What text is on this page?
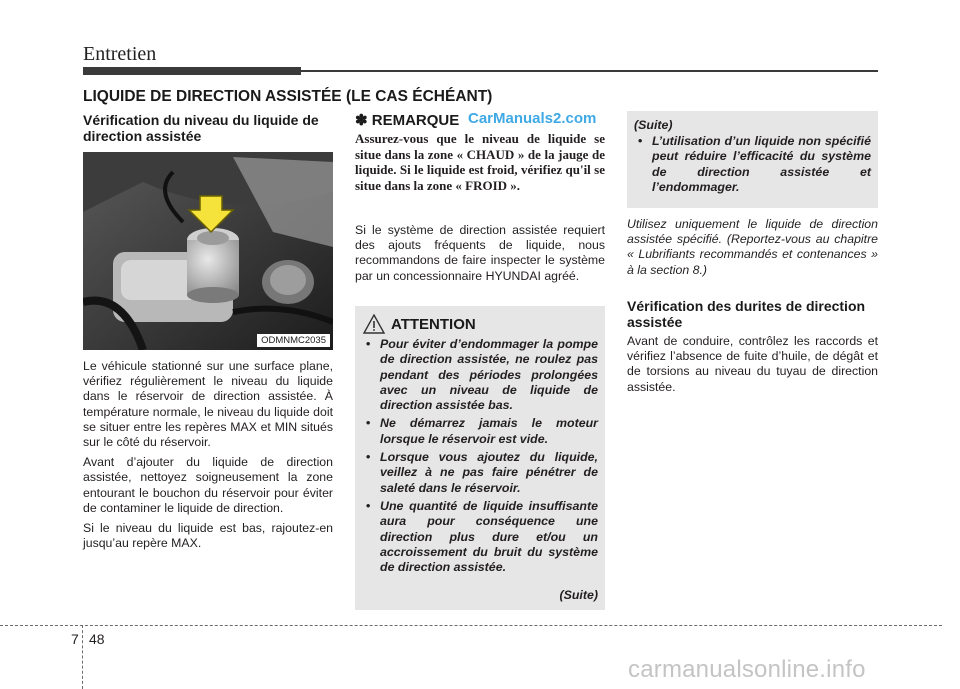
Entretien
LIQUIDE DE DIRECTION ASSISTÉE (LE CAS ÉCHÉANT)
Vérification du niveau du liquide de direction assistée
ODMNMC2035

Le véhicule stationné sur une surface plane, vérifiez régulièrement le niveau du liquide dans le réservoir de direction assistée. À température normale, le niveau du liquide doit se situer entre les repères MAX et MIN situés sur le côté du réservoir.

Avant d’ajouter du liquide de direction assistée, nettoyez soigneusement la zone entourant le bouchon du réservoir pour éviter de contaminer le liquide de direction.

Si le niveau du liquide est bas, rajoutez-en jusqu’au repère MAX.

✽ REMARQUE CarManuals2.com
Assurez-vous que le niveau de liquide se situe dans la zone « CHAUD » de la jauge de liquide. Si le liquide est froid, vérifiez qu'il se situe dans la zone « FROID ».
Si le système de direction assistée requiert des ajouts fréquents de liquide, nous recommandons de faire inspecter le système par un concessionnaire HYUNDAI agréé.
ATTENTION
• Pour éviter d’endommager la pompe de direction assistée, ne roulez pas pendant des périodes prolongées avec un niveau de liquide de direction assistée bas.
• Ne démarrez jamais le moteur lorsque le réservoir est vide.
• Lorsque vous ajoutez du liquide, veillez à ne pas faire pénétrer de saleté dans le réservoir.
• Une quantité de liquide insuffisante aura pour conséquence une direction plus dure et/ou un accroissement du bruit du système de direction assistée.
(Suite)
(Suite)
• L’utilisation d’un liquide non spécifié peut réduire l’efficacité du système de direction assistée et l’endommager.
Utilisez uniquement le liquide de direction assistée spécifié. (Reportez-vous au chapitre « Lubrifiants recommandés et contenances » à la section 8.)
Vérification des durites de direction assistée
Avant de conduire, contrôlez les raccords et vérifiez l’absence de fuite d’huile, de dégât et de torsions au niveau du tuyau de direction assistée.
7 48
carmanualsonline.info
